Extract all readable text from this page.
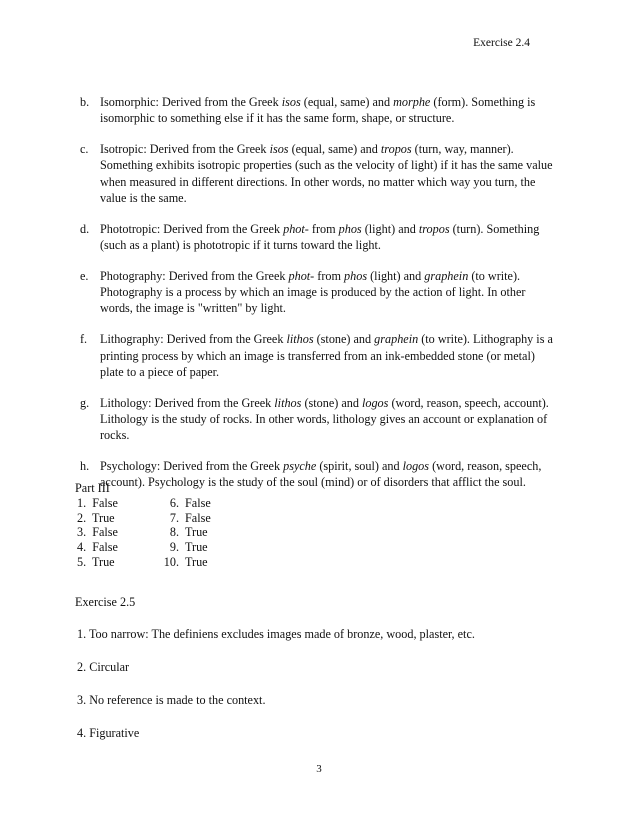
Exercise 2.4
b. Isomorphic: Derived from the Greek isos (equal, same) and morphe (form). Something is isomorphic to something else if it has the same form, shape, or structure.
c. Isotropic: Derived from the Greek isos (equal, same) and tropos (turn, way, manner). Something exhibits isotropic properties (such as the velocity of light) if it has the same value when measured in different directions. In other words, no matter which way you turn, the value is the same.
d. Phototropic: Derived from the Greek phot- from phos (light) and tropos (turn). Something (such as a plant) is phototropic if it turns toward the light.
e. Photography: Derived from the Greek phot- from phos (light) and graphein (to write). Photography is a process by which an image is produced by the action of light. In other words, the image is "written" by light.
f.	Lithography: Derived from the Greek lithos (stone) and graphein (to write). Lithography is a printing process by which an image is transferred from an ink-embedded stone (or metal) plate to a piece of paper.
g. Lithology: Derived from the Greek lithos (stone) and logos (word, reason, speech, account). Lithology is the study of rocks. In other words, lithology gives an account or explanation of rocks.
h. Psychology: Derived from the Greek psyche (spirit, soul) and logos (word, reason, speech, account). Psychology is the study of the soul (mind) or of disorders that afflict the soul.
Part III
1.  False	6. False
2.  True	7. False
3.  False	8. True
4.  False	9. True
5.  True	10. True
Exercise 2.5
1. Too narrow: The definiens excludes images made of bronze, wood, plaster, etc.
2. Circular
3. No reference is made to the context.
4. Figurative
3
